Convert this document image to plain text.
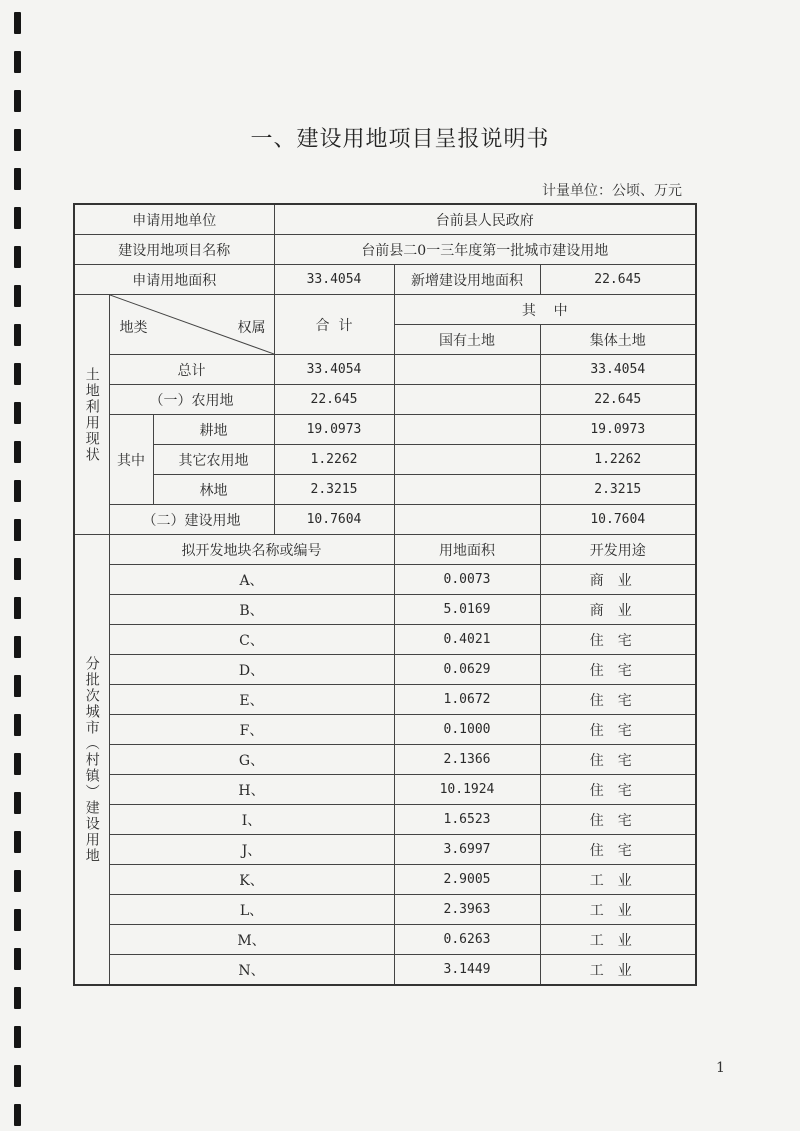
一、建设用地项目呈报说明书
计量单位：公顷、万元
申请用地单位			台前县人民政府		
建设用地项目名称			台前县二0一三年度第一批城市建设用地		
申请用地面积			33.4054	新增建设用地面积	22.645
土地利用现状	地类 权属		合  计	其    中	
				国有土地	集体土地
	总计		33.4054		33.4054
	（一）农用地		22.645		22.645
	其中	耕地	19.0973		19.0973
		其它农用地	1.2262		1.2262
		林地	2.3215		2.3215
	（二）建设用地		10.7604		10.7604
分批次城市（村镇）建设用地	拟开发地块名称或编号			用地面积	开发用途
	A、			0.0073	商业
	B、			5.0169	商业
	C、			0.4021	住宅
	D、			0.0629	住宅
	E、			1.0672	住宅
	F、			0.1000	住宅
	G、			2.1366	住宅
	H、			10.1924	住宅
	I、			1.6523	住宅
	J、			3.6997	住宅
	K、			2.9005	工业
	L、			2.3963	工业
	M、			0.6263	工业
	N、			3.1449	工业
1
